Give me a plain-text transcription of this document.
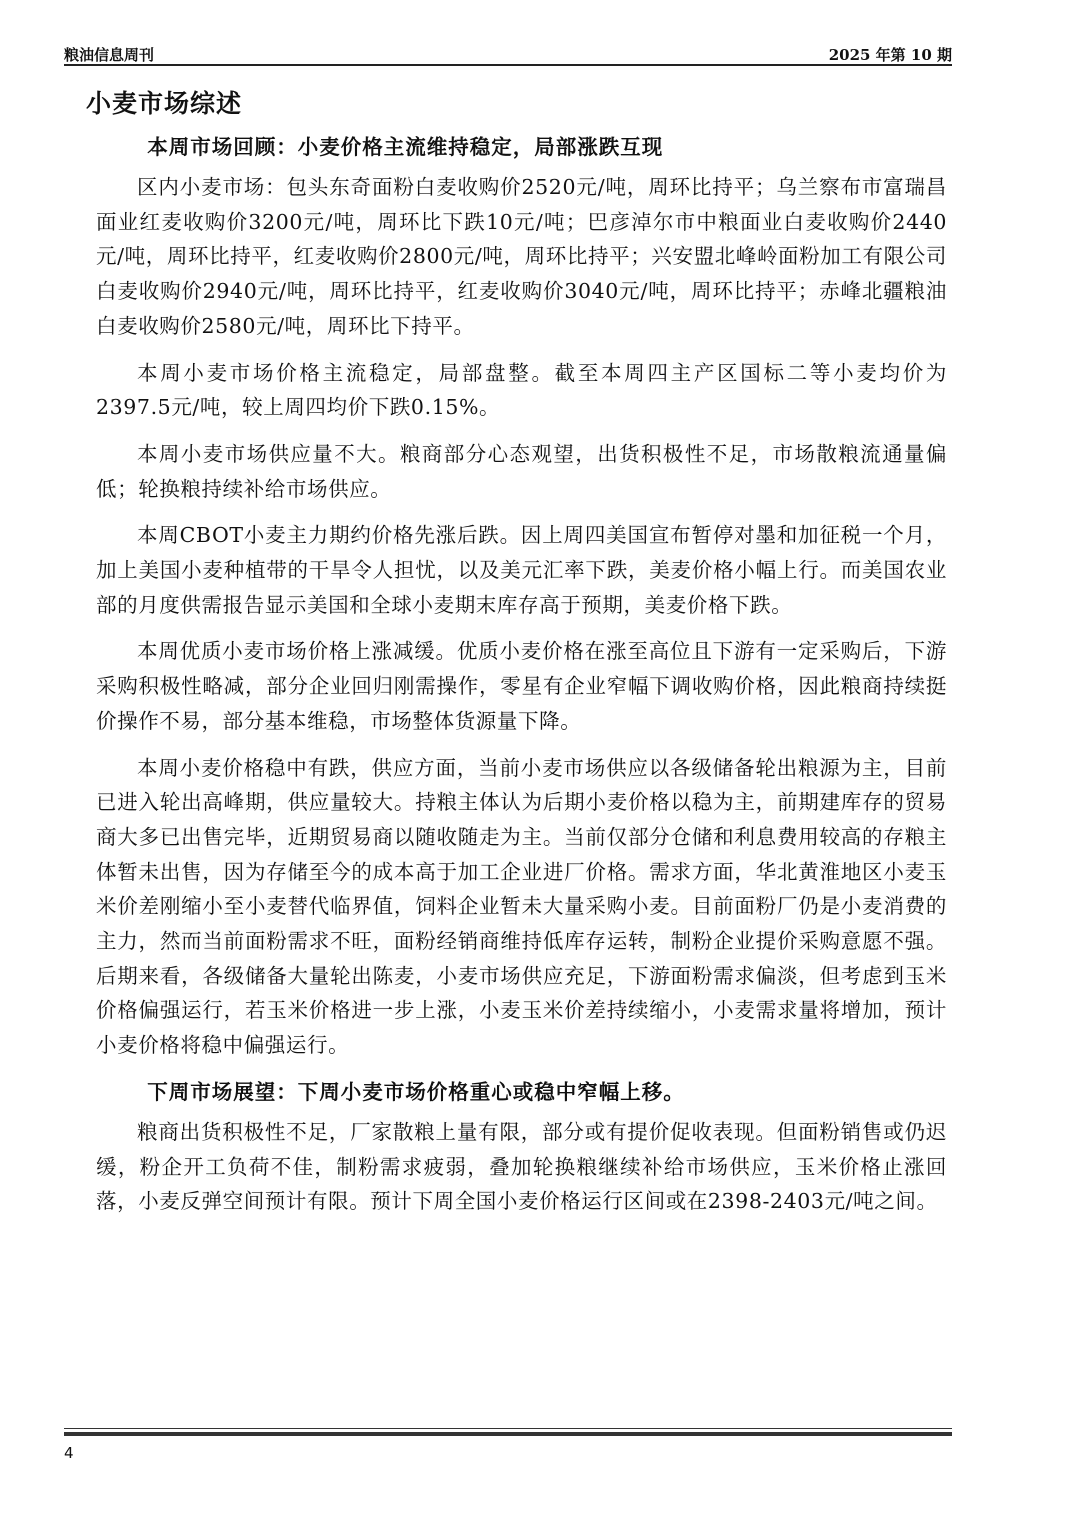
粮油信息周刊	2025 年第 10 期
小麦市场综述
本周市场回顾：小麦价格主流维持稳定，局部涨跌互现

区内小麦市场：包头东奇面粉白麦收购价2520元/吨，周环比持平；乌兰察布市富瑞昌面业红麦收购价3200元/吨，周环比下跌10元/吨；巴彦淖尔市中粮面业白麦收购价2440元/吨，周环比持平，红麦收购价2800元/吨，周环比持平；兴安盟北峰岭面粉加工有限公司白麦收购价2940元/吨，周环比持平，红麦收购价3040元/吨，周环比持平；赤峰北疆粮油白麦收购价2580元/吨，周环比下持平。

本周小麦市场价格主流稳定，局部盘整。截至本周四主产区国标二等小麦均价为2397.5元/吨，较上周四均价下跌0.15%。

本周小麦市场供应量不大。粮商部分心态观望，出货积极性不足，市场散粮流通量偏低；轮换粮持续补给市场供应。

本周CBOT小麦主力期约价格先涨后跌。因上周四美国宣布暂停对墨和加征税一个月，加上美国小麦种植带的干旱令人担忧，以及美元汇率下跌，美麦价格小幅上行。而美国农业部的月度供需报告显示美国和全球小麦期末库存高于预期，美麦价格下跌。

本周优质小麦市场价格上涨减缓。优质小麦价格在涨至高位且下游有一定采购后，下游采购积极性略减，部分企业回归刚需操作，零星有企业窄幅下调收购价格，因此粮商持续挺价操作不易，部分基本维稳，市场整体货源量下降。

本周小麦价格稳中有跌，供应方面，当前小麦市场供应以各级储备轮出粮源为主，目前已进入轮出高峰期，供应量较大。持粮主体认为后期小麦价格以稳为主，前期建库存的贸易商大多已出售完毕，近期贸易商以随收随走为主。当前仅部分仓储和利息费用较高的存粮主体暂未出售，因为存储至今的成本高于加工企业进厂价格。需求方面，华北黄淮地区小麦玉米价差刚缩小至小麦替代临界值，饲料企业暂未大量采购小麦。目前面粉厂仍是小麦消费的主力，然而当前面粉需求不旺，面粉经销商维持低库存运转，制粉企业提价采购意愿不强。后期来看，各级储备大量轮出陈麦，小麦市场供应充足，下游面粉需求偏淡，但考虑到玉米价格偏强运行，若玉米价格进一步上涨，小麦玉米价差持续缩小，小麦需求量将增加，预计小麦价格将稳中偏强运行。

下周市场展望：下周小麦市场价格重心或稳中窄幅上移。

粮商出货积极性不足，厂家散粮上量有限，部分或有提价促收表现。但面粉销售或仍迟缓，粉企开工负荷不佳，制粉需求疲弱，叠加轮换粮继续补给市场供应，玉米价格止涨回落，小麦反弹空间预计有限。预计下周全国小麦价格运行区间或在2398-2403元/吨之间。

4
